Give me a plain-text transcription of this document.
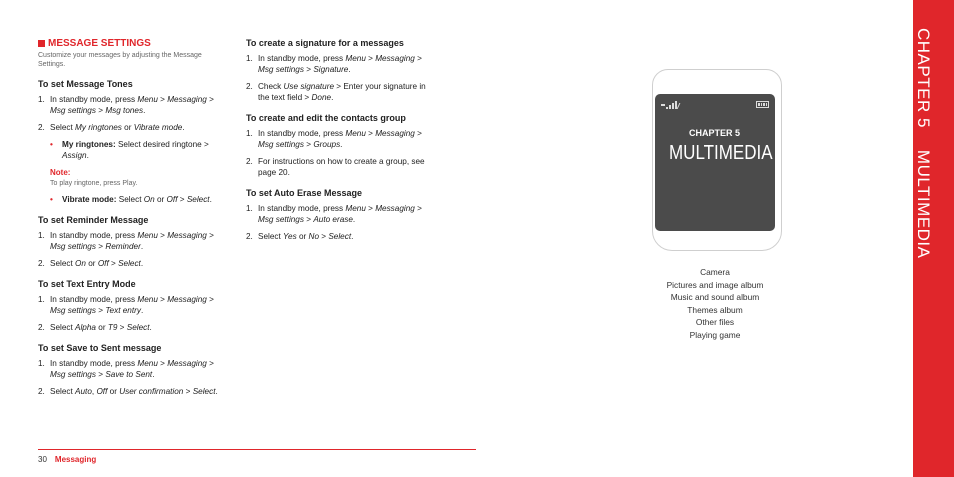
MESSAGE SETTINGS
Customize your messages by adjusting the Message Settings.
To set Message Tones
1. In standby mode, press Menu > Messaging > Msg settings > Msg tones.
2. Select My ringtones or Vibrate mode.
•	My ringtones: Select desired ringtone > Assign.
Note:
To play ringtone, press Play.
•	Vibrate mode: Select On or Off > Select.
To set Reminder Message
1. In standby mode, press Menu > Messaging > Msg settings > Reminder.
2. Select On or Off > Select.
To set Text Entry Mode
1. In standby mode, press Menu > Messaging > Msg settings > Text entry.
2. Select Alpha or T9 > Select.
To set Save to Sent message
1. In standby mode, press Menu > Messaging > Msg settings > Save to Sent.
2. Select Auto, Off or User confirmation > Select.
To create a signature for a messages
1. In standby mode, press Menu > Messaging > Msg settings > Signature.
2. Check Use signature > Enter your signature in the text field > Done.
To create and edit the contacts group
1. In standby mode, press Menu > Messaging > Msg settings > Groups.
2. For instructions on how to create a group, see page 20.
To set Auto Erase Message
1. In standby mode, press Menu > Messaging > Msg settings > Auto erase.
2. Select Yes or No > Select.
30 Messaging
CHAPTER 5
MULTIMEDIA
Camera
Pictures and image album
Music and sound album
Themes album
Other files
Playing game
CHAPTER 5MULTIMEDIA
